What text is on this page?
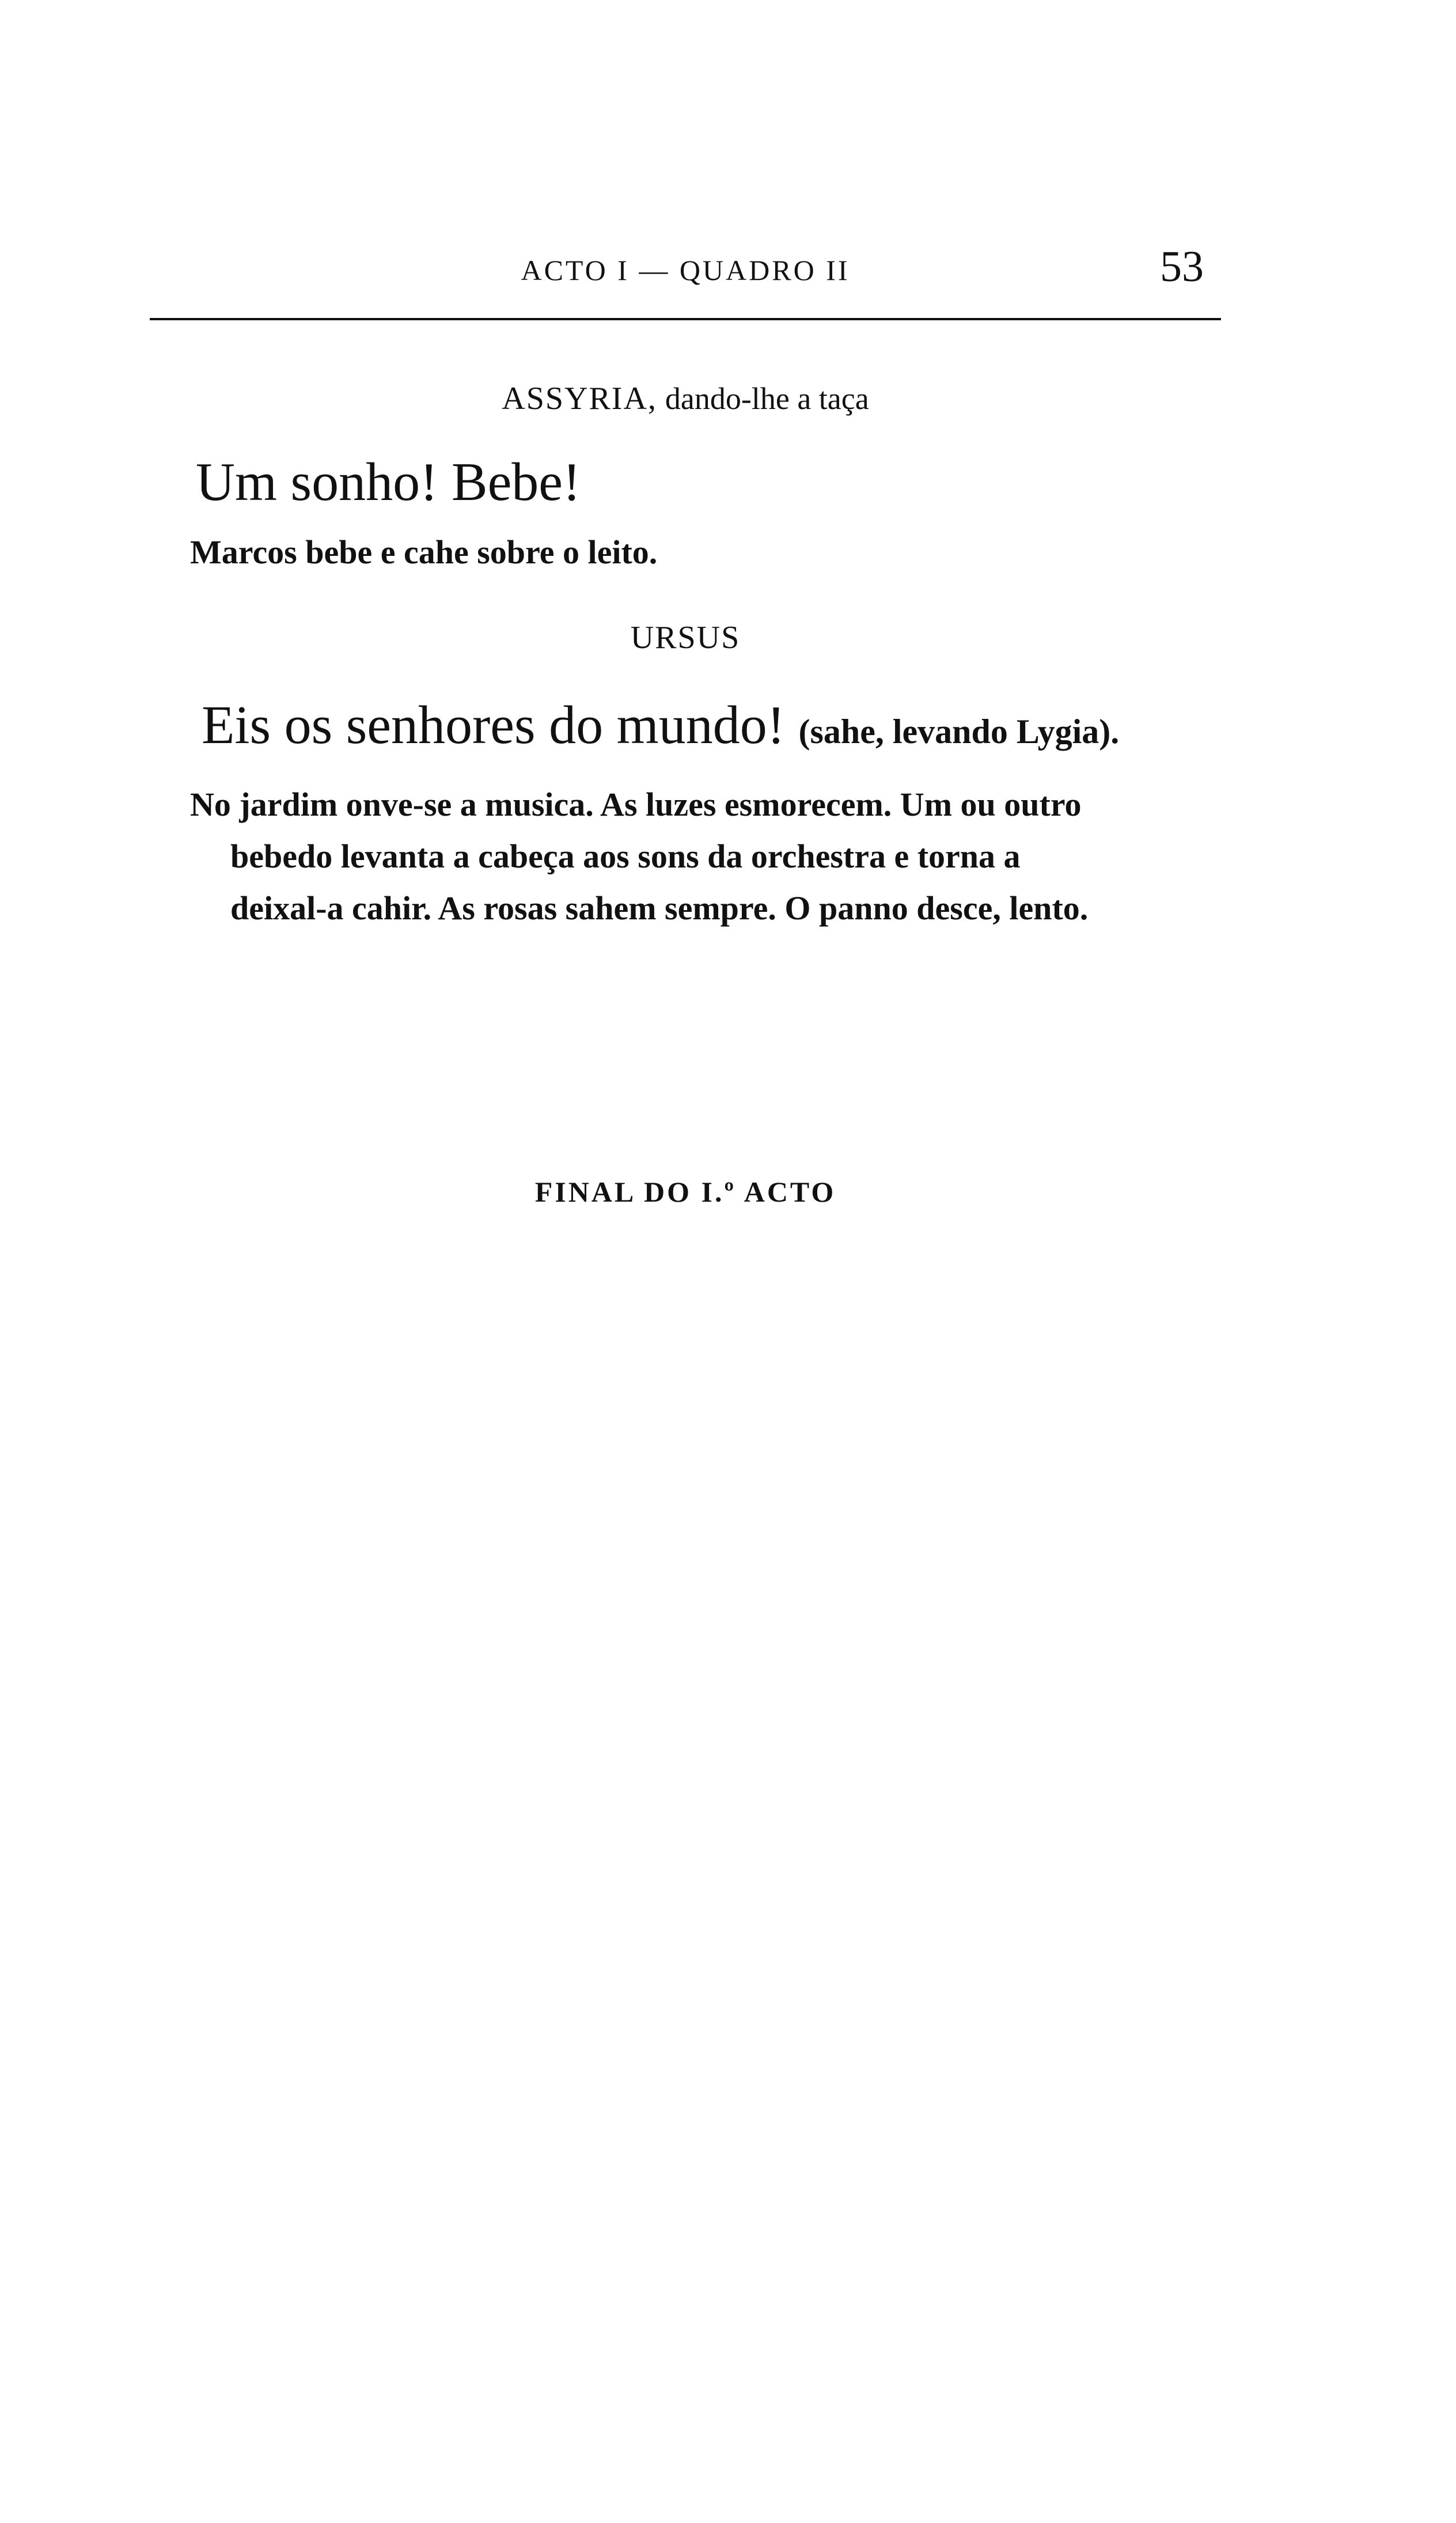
ACTO I — QUADRO II	53
ASSYRIA, dando-lhe a taça
Um sonho! Bebe!
Marcos bebe e cahe sobre o leito.
URSUS
Eis os senhores do mundo! (sahe, levando Lygia).
No jardim onve-se a musica. As luzes esmorecem. Um ou outro
bebedo levanta a cabeça aos sons da orchestra e torna a
deixal-a cahir. As rosas sahem sempre. O panno desce, lento.
FINAL DO I.º ACTO
